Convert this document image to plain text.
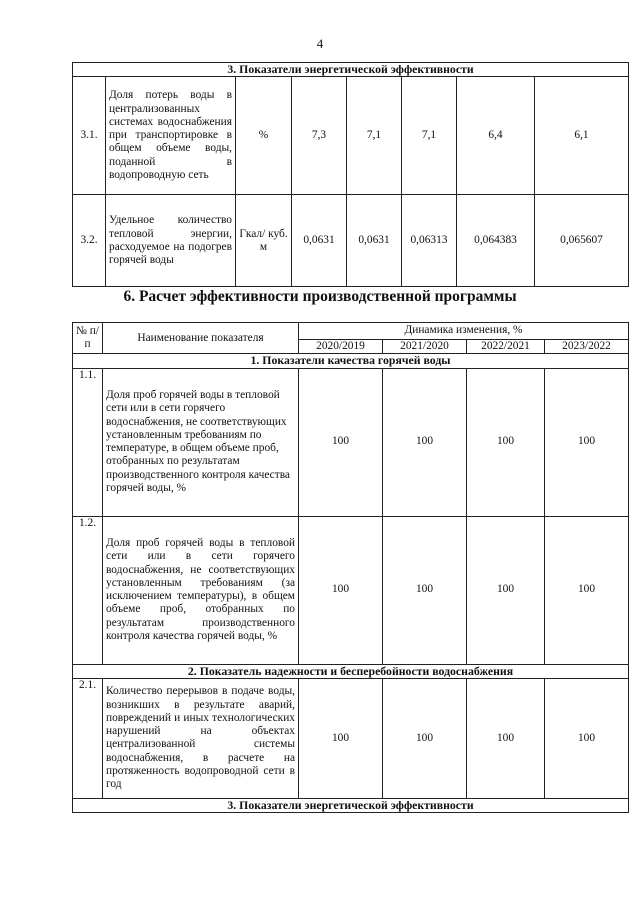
4
3. Показатели энергетической эффективности							
3.1.	Доля потерь воды в централизованных системах водоснабжения при транспортировке в общем объеме воды, поданной в водопроводную сеть	%	7,3	7,1	7,1	6,4	6,1
3.2.	Удельное количество тепловой энергии, расходуемое на подогрев горячей воды	Гкал/ куб. м	0,0631	0,0631	0,06313	0,064383	0,065607
6. Расчет эффективности производственной программы
№ п/п	Наименование показателя	Динамика изменения, %			
		2020/2019	2021/2020	2022/2021	2023/2022
1. Показатели качества горячей воды					
1.1.	Доля проб горячей воды в тепловой сети или в сети горячего водоснабжения, не соответствующих установленным требованиям по температуре, в общем объеме проб, отобранных по результатам производственного контроля качества горячей воды, %	100	100	100	100
1.2.	Доля проб горячей воды в тепловой сети или в сети горячего водоснабжения, не соответствующих установленным требованиям (за исключением температуры), в общем объеме проб, отобранных по результатам производственного контроля качества горячей воды, %	100	100	100	100
2. Показатель надежности и бесперебойности водоснабжения					
2.1.	Количество перерывов в подаче воды, возникших в результате аварий, повреждений и иных технологических нарушений на объектах централизованной системы водоснабжения, в расчете на протяженность водопроводной сети в год	100	100	100	100
3. Показатели энергетической эффективности					
